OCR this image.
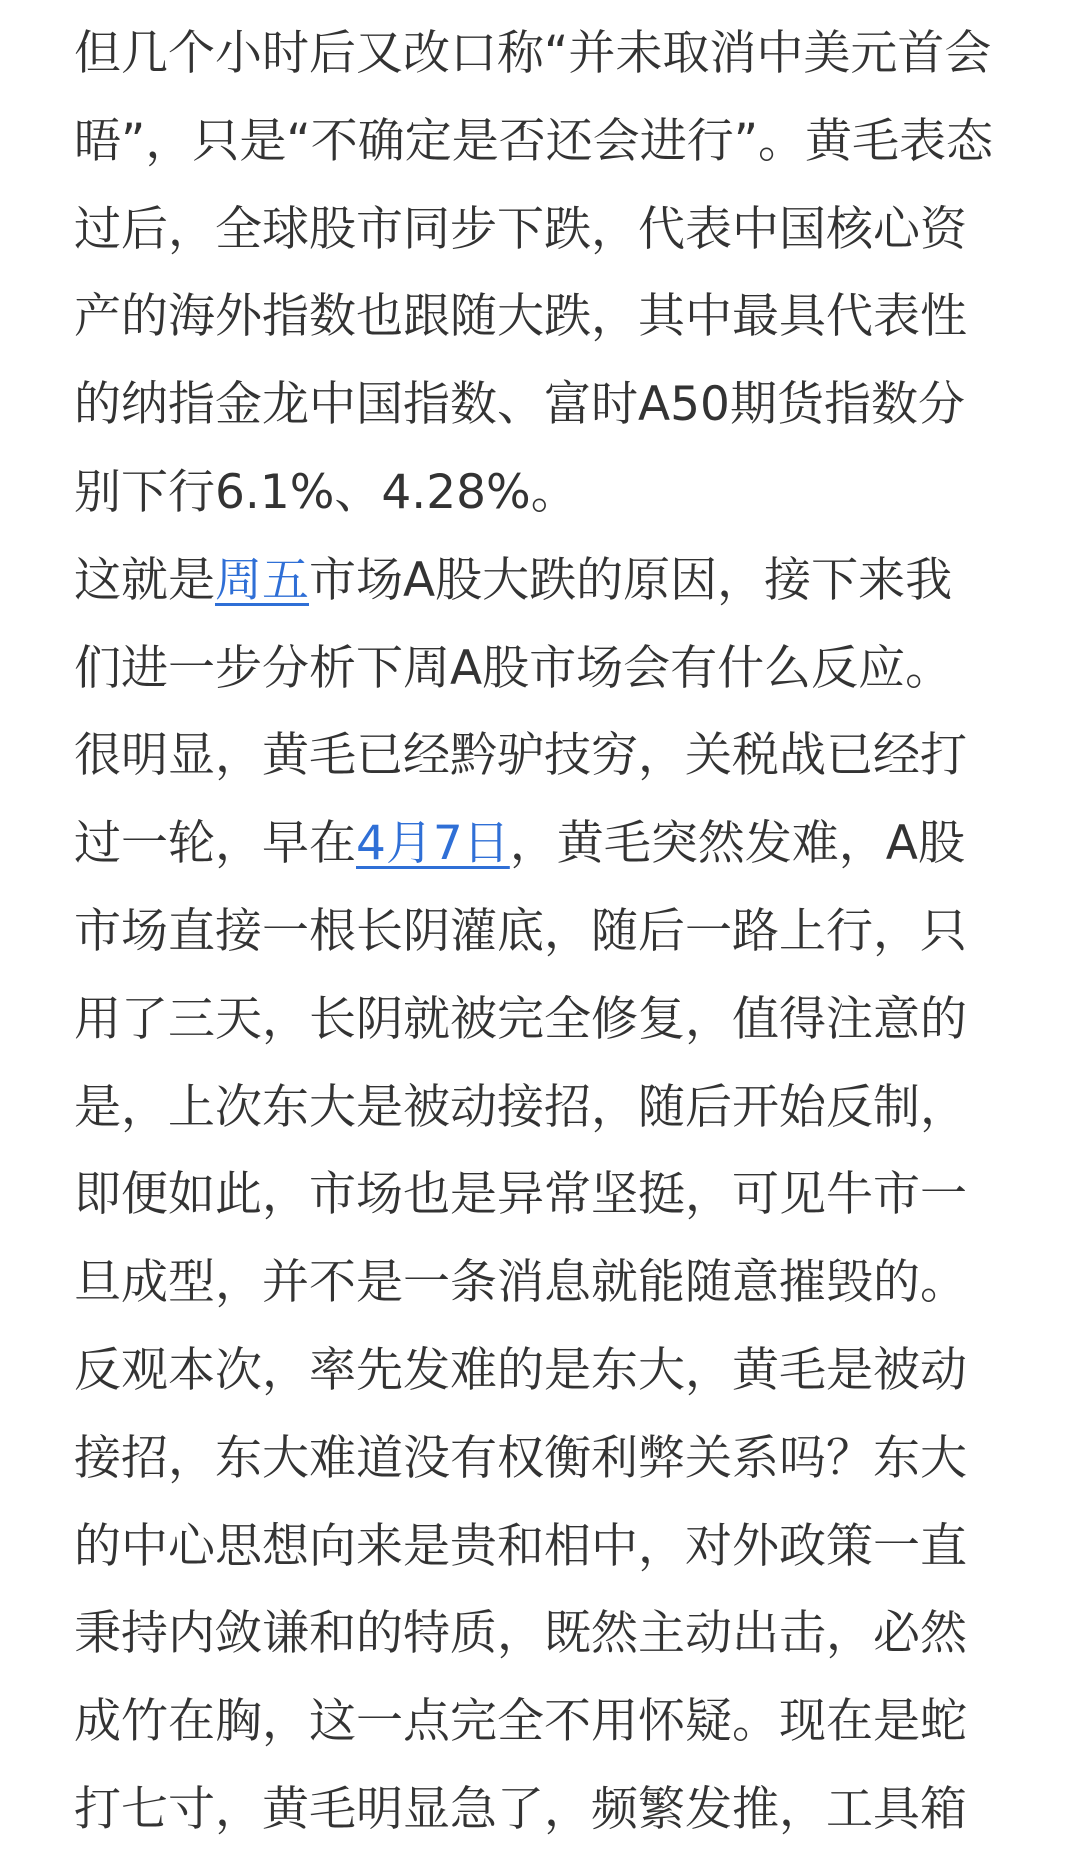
但几个小时后又改口称“并未取消中美元首会
晤”，只是“不确定是否还会进行”。黄毛表态
过后，全球股市同步下跌，代表中国核心资
产的海外指数也跟随大跌，其中最具代表性
的纳指金龙中国指数、富时A50期货指数分
别下行6.1%、4.28%。

这就是周五市场A股大跌的原因，接下来我
们进一步分析下周A股市场会有什么反应。

很明显，黄毛已经黔驴技穷，关税战已经打
过一轮，早在4月7日，黄毛突然发难，A股
市场直接一根长阴灌底，随后一路上行，只
用了三天，长阴就被完全修复，值得注意的
是，上次东大是被动接招，随后开始反制，
即便如此，市场也是异常坚挺，可见牛市一
旦成型，并不是一条消息就能随意摧毁的。

反观本次，率先发难的是东大，黄毛是被动
接招，东大难道没有权衡利弊关系吗？东大
的中心思想向来是贵和相中，对外政策一直
秉持内敛谦和的特质，既然主动出击，必然
成竹在胸，这一点完全不用怀疑。现在是蛇
打七寸，黄毛明显急了，频繁发推，工具箱
